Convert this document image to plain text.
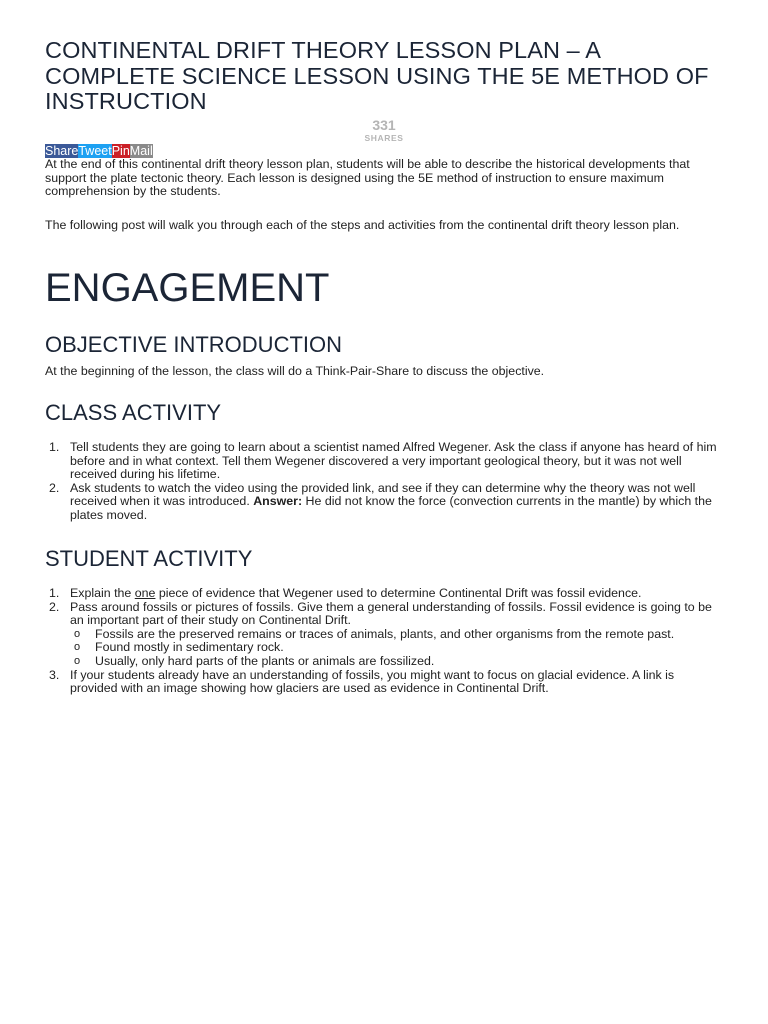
CONTINENTAL DRIFT THEORY LESSON PLAN – A COMPLETE SCIENCE LESSON USING THE 5E METHOD OF INSTRUCTION
331
SHARES
Share Tweet Pin Mail

At the end of this continental drift theory lesson plan, students will be able to describe the historical developments that support the plate tectonic theory. Each lesson is designed using the 5E method of instruction to ensure maximum comprehension by the students.

The following post will walk you through each of the steps and activities from the continental drift theory lesson plan.

ENGAGEMENT
OBJECTIVE INTRODUCTION

At the beginning of the lesson, the class will do a Think-Pair-Share to discuss the objective.

CLASS ACTIVITY
1. Tell students they are going to learn about a scientist named Alfred Wegener. Ask the class if anyone has heard of him before and in what context. Tell them Wegener discovered a very important geological theory, but it was not well received during his lifetime.
2. Ask students to watch the video using the provided link, and see if they can determine why the theory was not well received when it was introduced. Answer: He did not know the force (convection currents in the mantle) by which the plates moved.
STUDENT ACTIVITY
1. Explain the one piece of evidence that Wegener used to determine Continental Drift was fossil evidence.
2. Pass around fossils or pictures of fossils. Give them a general understanding of fossils. Fossil evidence is going to be an important part of their study on Continental Drift.
o Fossils are the preserved remains or traces of animals, plants, and other organisms from the remote past.
o Found mostly in sedimentary rock.
o Usually, only hard parts of the plants or animals are fossilized.
3. If your students already have an understanding of fossils, you might want to focus on glacial evidence. A link is provided with an image showing how glaciers are used as evidence in Continental Drift.
